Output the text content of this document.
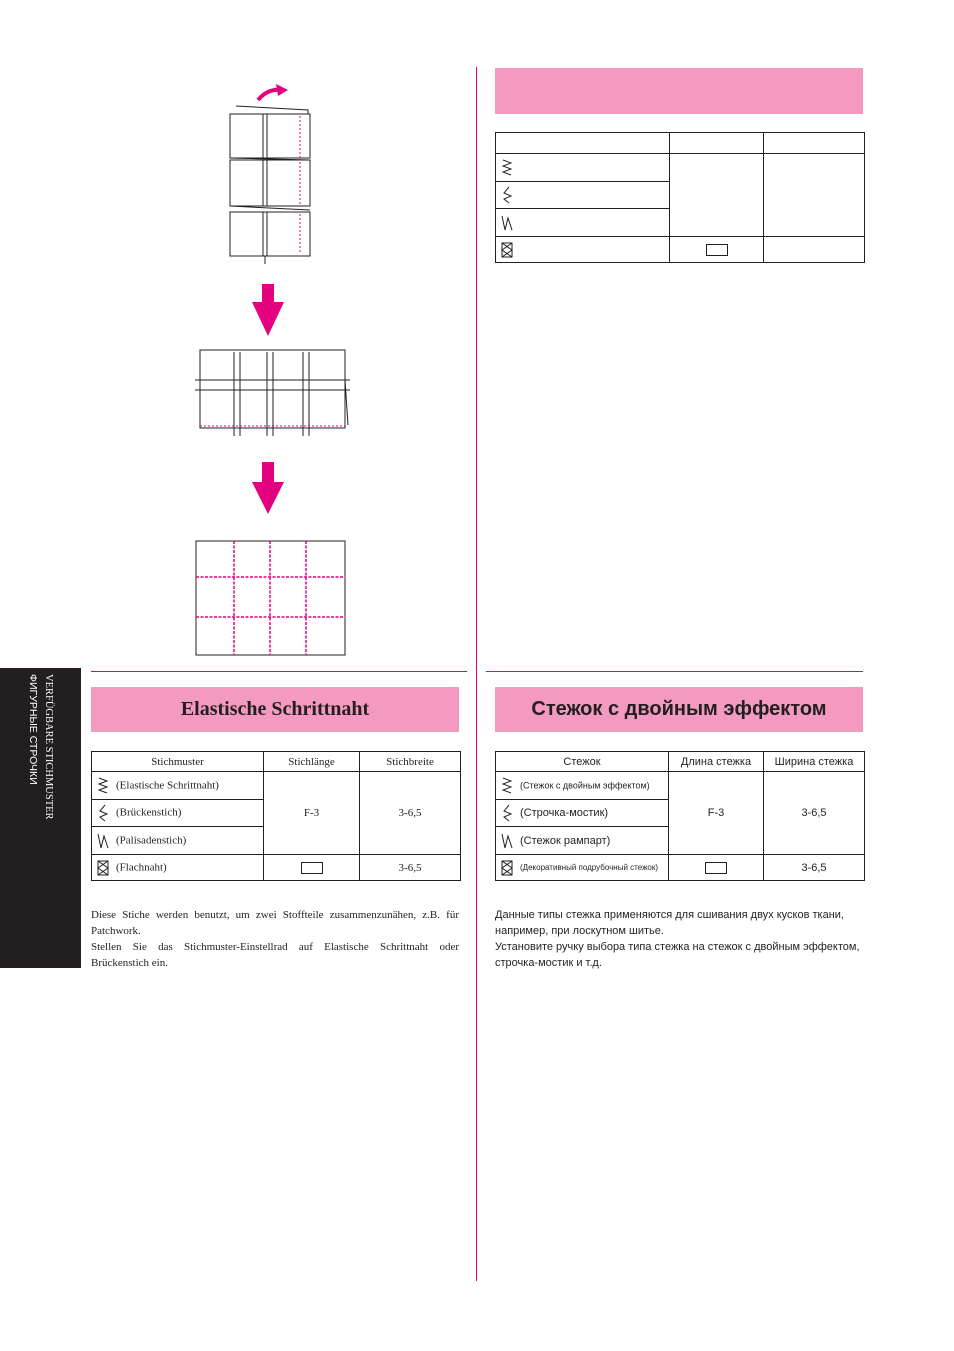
VERFÜGBARE STICHMUSTER
ФИГУРНЫЕ СТРОЧКИ	Elastische Schrittnaht	Стежок с двойным эффектом
Stichmuster	Stichlänge	Stichbreite

(Elastische Schrittnaht)	F-3	3-6,5

(Brückenstich)		

(Palisadenstich)		

(Flachnaht)		3-6,5
Стежок	Длина стежка	Ширина стежка

(Стежок с двойным эффектом)	F-3	3-6,5

(Строчка-мостик)		

(Стежок рампарт)		

(Декоративный подрубочный стежок)		3-6,5

Diese Stiche werden benutzt, um zwei Stoffteile zusammenzunähen, z.B. für Patchwork.

Stellen Sie das Stichmuster-Einstellrad auf Elastische Schrittnaht oder Brückenstich ein.

Данные типы стежка применяются для сшивания двух кусков ткани, например, при лоскутном шитье.

Установите ручку выбора типа стежка на стежок с двойным эффектом, строчка-мостик и т.д.
